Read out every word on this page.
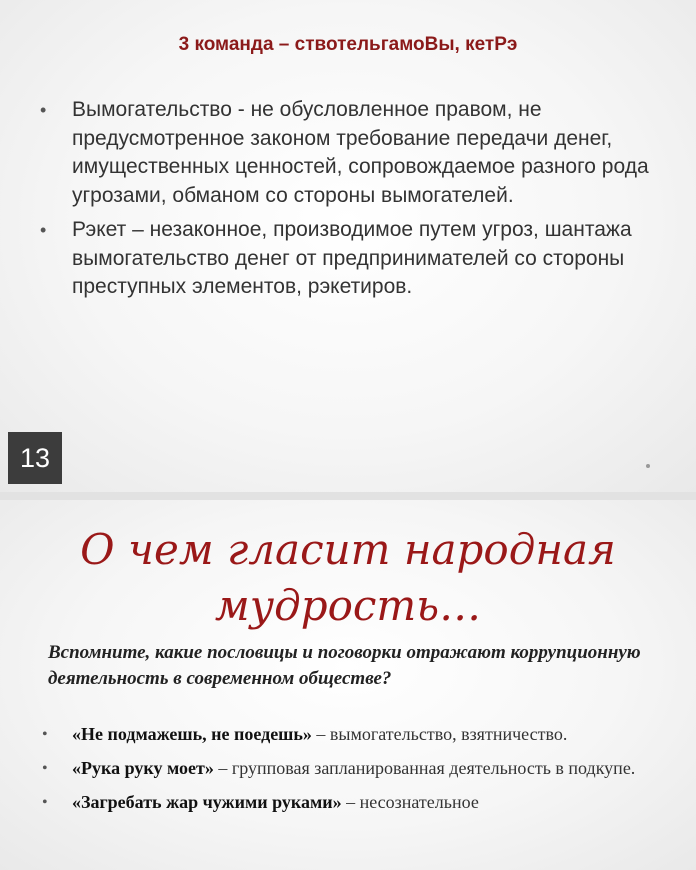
3 команда – ствотельгамоВы, кетРэ
• Вымогательство - не обусловленное правом, не предусмотренное законом требование передачи денег, имущественных ценностей, сопровождаемое разного рода угрозами, обманом со стороны вымогателей.
• Рэкет – незаконное, производимое путем угроз, шантажа вымогательство денег от предпринимателей со стороны преступных элементов, рэкетиров.
13
О чем гласит народная мудрость…
Вспомните, какие пословицы и поговорки отражают коррупционную деятельность в современном обществе?
• «Не подмажешь, не поедешь» – вымогательство, взятничество.
• «Рука руку моет» – групповая запланированная деятельность в подкупе.
• «Загребать жар чужими руками» – несознательное
